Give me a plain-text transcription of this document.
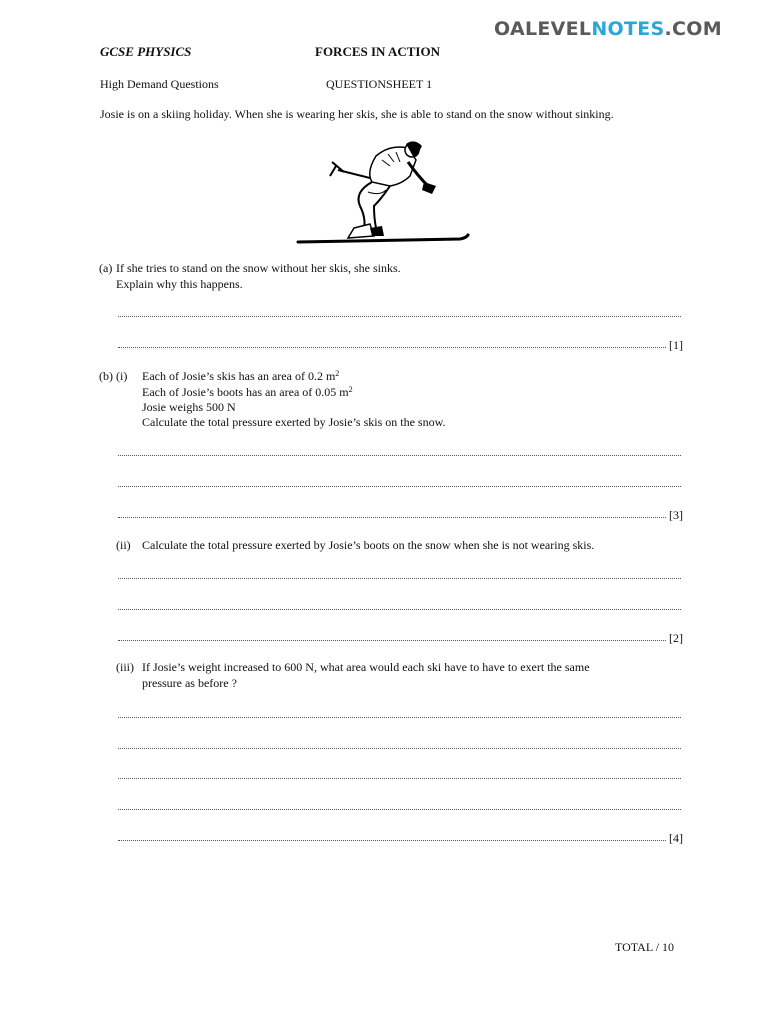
OALEVELNOTES.COM
GCSE PHYSICS	FORCES IN ACTION
High Demand Questions	QUESTIONSHEET 1
Josie is on a skiing holiday. When she is wearing her skis, she is able to stand on the snow without sinking.
(a) If she tries to stand on the snow without her skis, she sinks.
Explain why this happens.
[1]
(b) (i) Each of Josie’s skis has an area of 0.2 $m^2$
Each of Josie’s boots has an area of 0.05 $m^2$
Josie weighs 500 N
Calculate the total pressure exerted by Josie’s skis on the snow.
[3]
(ii) Calculate the total pressure exerted by Josie’s boots on the snow when she is not wearing skis.
[2]
(iii) If Josie’s weight increased to 600 N, what area would each ski have to have to exert the same
pressure as before ?
[4]
TOTAL / 10
